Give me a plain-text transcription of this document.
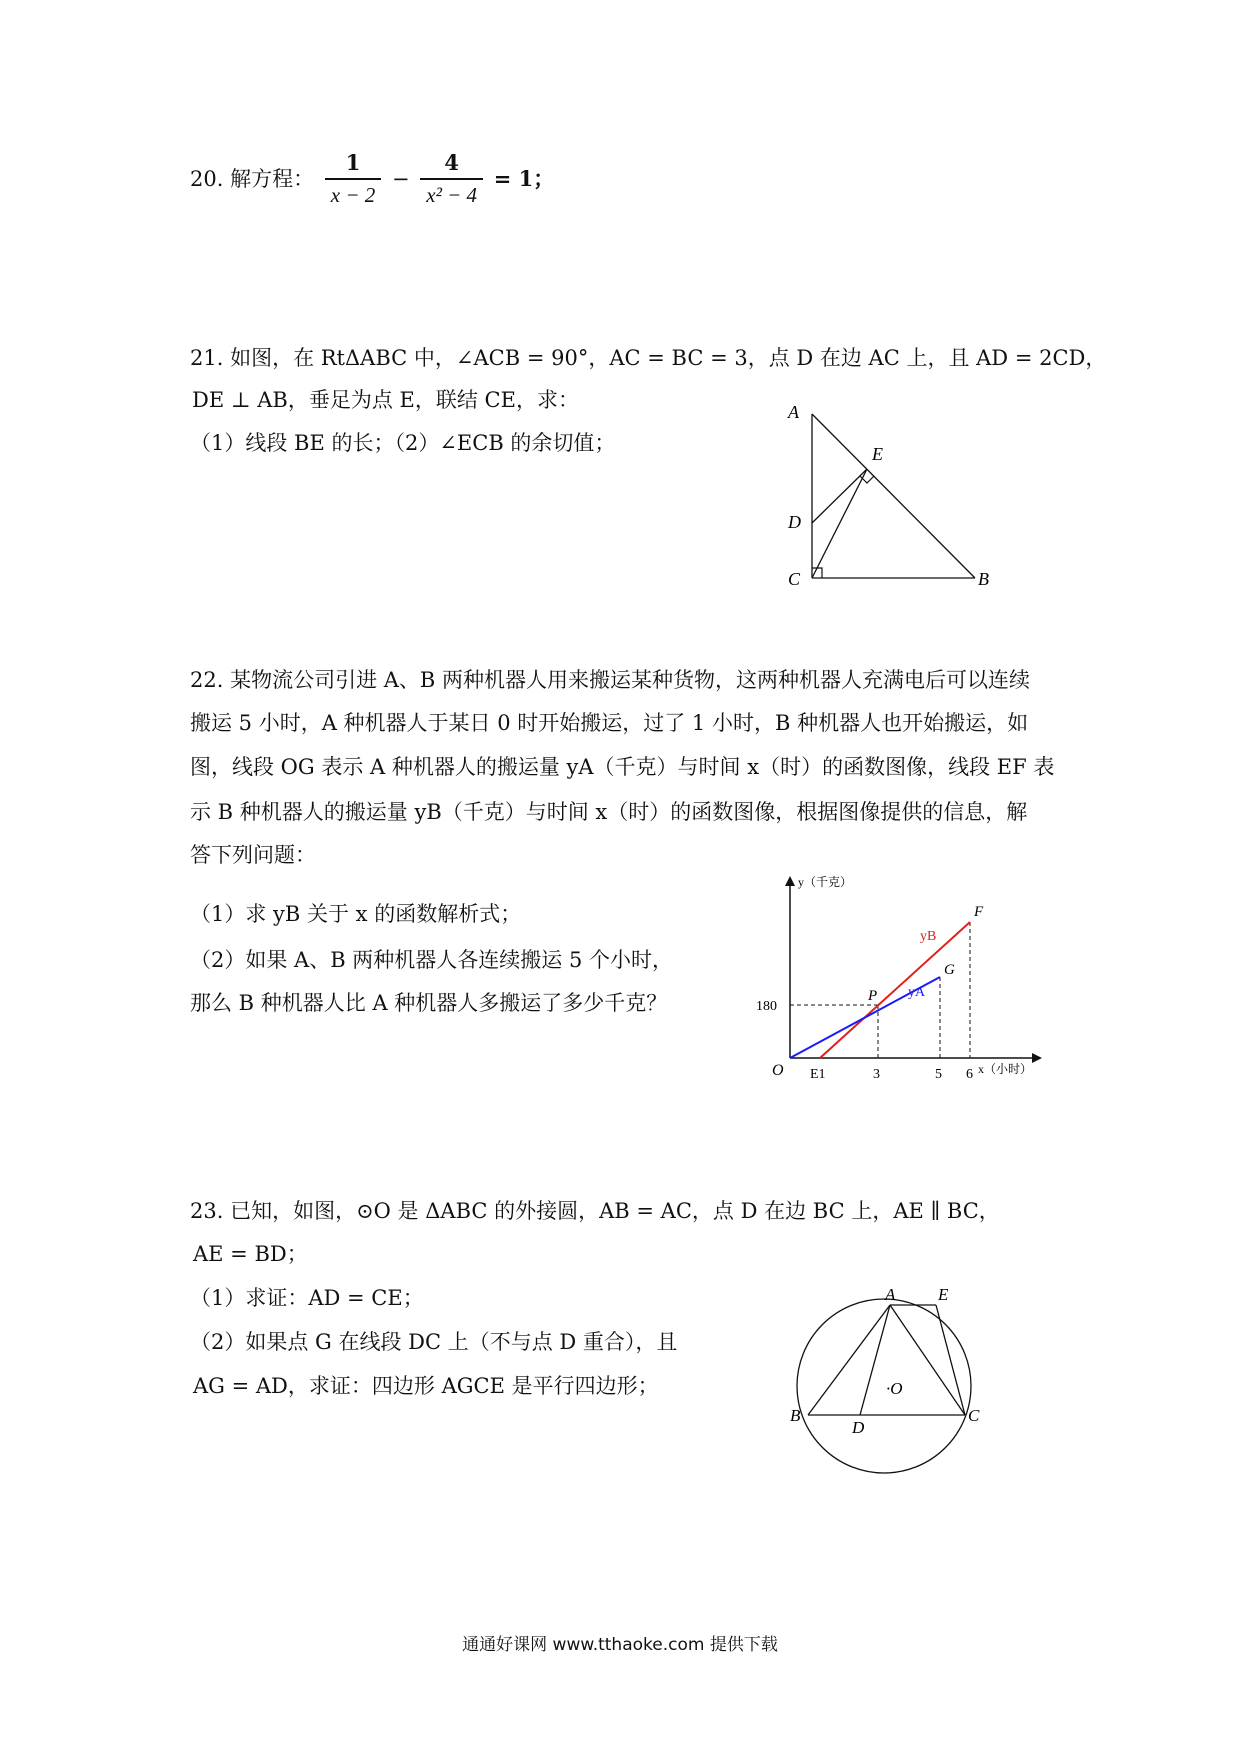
20. 解方程： $\frac{1}{x - 2} - \frac{4}{\text{x² − 4}} = 1$；
21. 如图，在 RtΔABC 中，∠ACB = 90°，AC = BC = 3，点 D 在边 AC 上，且 AD = 2CD，
DE ⊥ AB，垂足为点 E，联结 CE，求：
（1）线段 BE 的长；（2）∠ECB 的余切值；
A
E
D
C	B
22. 某物流公司引进 A、B 两种机器人用来搬运某种货物，这两种机器人充满电后可以连续
搬运 5 小时，A 种机器人于某日 0 时开始搬运，过了 1 小时，B 种机器人也开始搬运，如
图，线段 OG 表示 A 种机器人的搬运量 yA（千克）与时间 x（时）的函数图像，线段 EF 表
示 B 种机器人的搬运量 yB（千克）与时间 x（时）的函数图像，根据图像提供的信息，解
答下列问题：
（1）求 yB 关于 x 的函数解析式；
（2）如果 A、B 两种机器人各连续搬运 5 个小时，
那么 B 种机器人比 A 种机器人多搬运了多少千克？
y（千克）
x（小时）
180
O E1	3	5 6
P
F
G
yB
yA
23. 已知，如图，⊙O 是 ΔABC 的外接圆，AB = AC，点 D 在边 BC 上，AE ∥ BC，
AE = BD；
（1）求证：AD = CE；
（2）如果点 G 在线段 DC 上（不与点 D 重合），且
AG = AD，求证：四边形 AGCE 是平行四边形；
A	E
B
D
C
·O
通通好课网 www.tthaoke.com 提供下载
